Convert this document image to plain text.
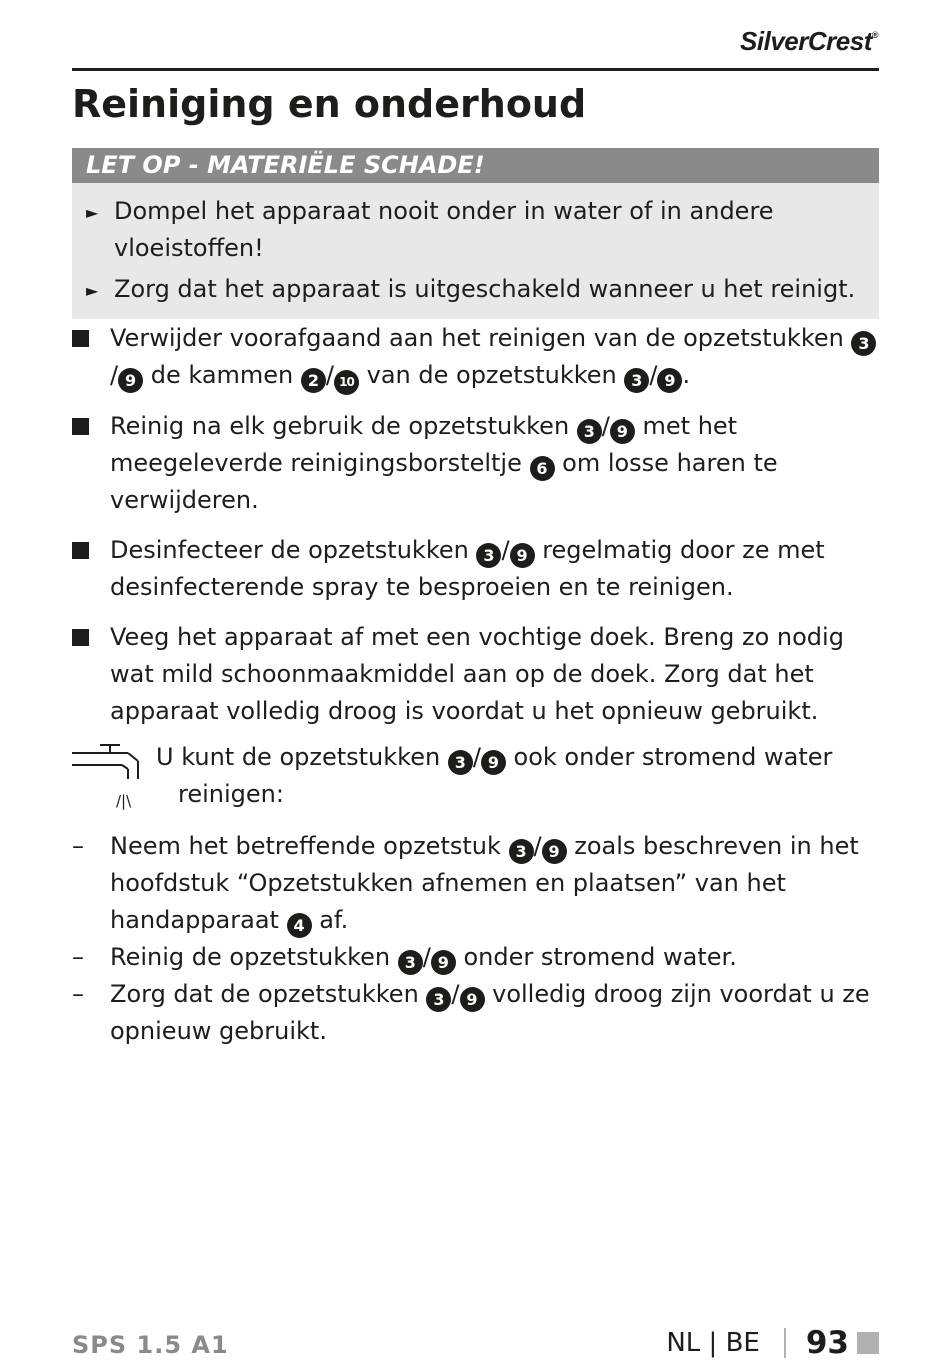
SilverCrest®
Reiniging en onderhoud
LET OP - MATERIËLE SCHADE!
► Dompel het apparaat nooit onder in water of in andere vloeistoffen!
► Zorg dat het apparaat is uitgeschakeld wanneer u het reinigt.
Verwijder voorafgaand aan het reinigen van de opzetstukken 3/ 9 de kammen 2 / 10 van de opzetstukken 3 / 9 .
Reinig na elk gebruik de opzetstukken 3 / 9 met het meegeleverde reinigingsborsteltje 6 om losse haren te verwijderen.
Desinfecteer de opzetstukken 3 / 9 regelmatig door ze met desinfecterende spray te besproeien en te reinigen.
Veeg het apparaat af met een vochtige doek. Breng zo nodig wat mild schoonmaakmiddel aan op de doek. Zorg dat het apparaat volledig droog is voordat u het opnieuw gebruikt.
/|\
U kunt de opzetstukken 3 / 9 ook onder stromend water
reinigen:
–	Neem het betreffende opzetstuk 3 / 9 zoals beschreven in het hoofdstuk “Opzetstukken afnemen en plaatsen” van het handapparaat 4 af.
–	Reinig de opzetstukken 3 / 9 onder stromend water.
–	Zorg dat de opzetstukken 3 / 9 volledig droog zijn voordat u ze opnieuw gebruikt.
SPS 1.5 A1	NL | BE 93
